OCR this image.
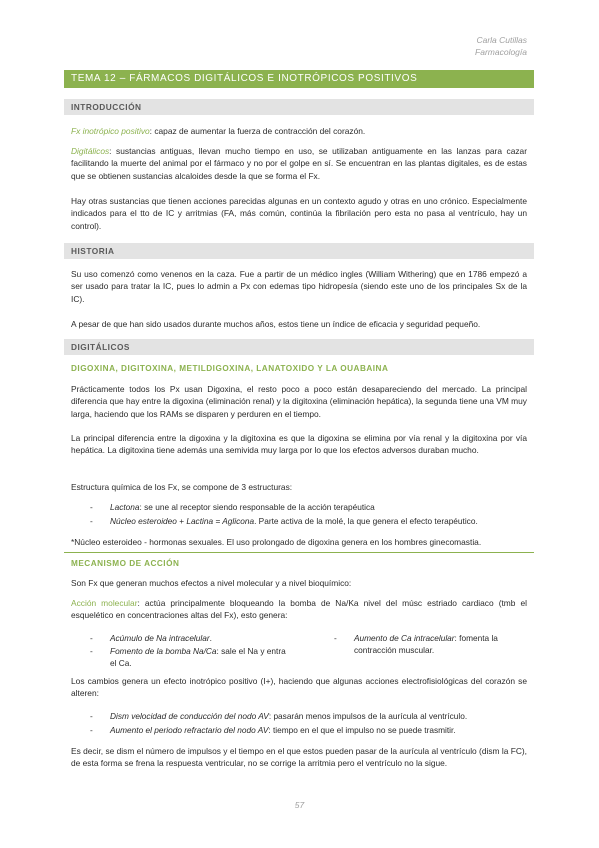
Carla Cutillas
Farmacología
TEMA 12 – FÁRMACOS DIGITÁLICOS E INOTRÓPICOS POSITIVOS
INTRODUCCIÓN
Fx inotrópico positivo: capaz de aumentar la fuerza de contracción del corazón.
Digitálicos: sustancias antiguas, llevan mucho tiempo en uso, se utilizaban antiguamente en las lanzas para cazar facilitando la muerte del animal por el fármaco y no por el golpe en sí. Se encuentran en las plantas digitales, es de estas que se obtienen sustancias alcaloides desde la que se forma el Fx.
Hay otras sustancias que tienen acciones parecidas algunas en un contexto agudo y otras en uno crónico. Especialmente indicados para el tto de IC y arritmias (FA, más común, continúa la fibrilación pero esta no pasa al ventrículo, hay un control).
HISTORIA
Su uso comenzó como venenos en la caza. Fue a partir de un médico ingles (William Withering) que en 1786 empezó a ser usado para tratar la IC, pues lo admin a Px con edemas tipo hidropesía (siendo este uno de los principales Sx de la IC).
A pesar de que han sido usados durante muchos años, estos tiene un índice de eficacia y seguridad pequeño.
DIGITÁLICOS
DIGOXINA, DIGITOXINA, METILDIGOXINA, LANATOXIDO Y LA OUABAINA
Prácticamente todos los Px usan Digoxina, el resto poco a poco están desapareciendo del mercado. La principal diferencia que hay entre la digoxina (eliminación renal) y la digitoxina (eliminación hepática), la segunda tiene una VM muy larga, haciendo que los RAMs se disparen y perduren en el tiempo.
La principal diferencia entre la digoxina y la digitoxina es que la digoxina se elimina por vía renal y la digitoxina por vía hepática. La digitoxina tiene además una semivida muy larga por lo que los efectos adversos duraban mucho.
Estructura química de los Fx, se compone de 3 estructuras:
-	Lactona: se une al receptor siendo responsable de la acción terapéutica
-	Núcleo esteroideo + Lactina = Aglicona. Parte activa de la molé, la que genera el efecto terapéutico.
*Núcleo esteroideo - hormonas sexuales. El uso prolongado de digoxina genera en los hombres ginecomastia.
MECANISMO DE ACCIÓN
Son Fx que generan muchos efectos a nivel molecular y a nivel bioquímico:
Acción molecular: actúa principalmente bloqueando la bomba de Na/Ka nivel del músc estriado cardiaco (tmb el esquelético en concentraciones altas del Fx), esto genera:
-	Acúmulo de Na intracelular.
-	Fomento de la bomba Na/Ca: sale el Na y entra el Ca.
-	Aumento de Ca intracelular: fomenta la contracción muscular.
Los cambios genera un efecto inotrópico positivo (I+), haciendo que algunas acciones electrofisiológicas del corazón se alteren:
-	Dism velocidad de conducción del nodo AV: pasarán menos impulsos de la aurícula al ventrículo.
-	Aumento el periodo refractario del nodo AV: tiempo en el que el impulso no se puede trasmitir.
Es decir, se dism el número de impulsos y el tiempo en el que estos pueden pasar de la aurícula al ventrículo (dism la FC), de esta forma se frena la respuesta ventricular, no se corrige la arritmia pero el ventrículo no la sigue.
57
